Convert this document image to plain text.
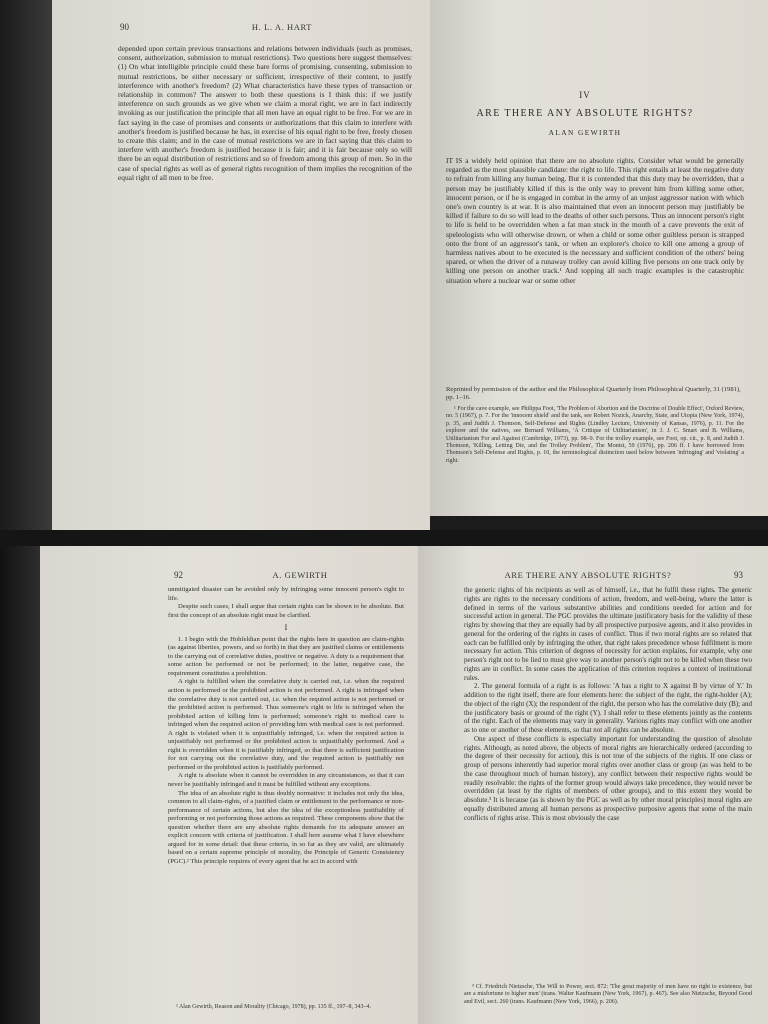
90	H. L. A. HART

depended upon certain previous transactions and relations between individuals (such as promises, consent, authorization, submission to mutual restrictions). Two questions here suggest themselves: (1) On what intelligible principle could these bare forms of promising, consenting, submission to mutual restrictions, be either necessary or sufficient, irrespective of their content, to justify interference with another's freedom? (2) What characteristics have these types of transaction or relationship in common? The answer to both these questions is I think this: if we justify interference on such grounds as we give when we claim a moral right, we are in fact indirectly invoking as our justification the principle that all men have an equal right to be free. For we are in fact saying in the case of promises and consents or authorizations that this claim to interfere with another's freedom is justified because he has, in exercise of his equal right to be free, freely chosen to create this claim; and in the case of mutual restrictions we are in fact saying that this claim to interfere with another's freedom is justified because it is fair; and it is fair because only so will there be an equal distribution of restrictions and so of freedom among this group of men. So in the case of special rights as well as of general rights recognition of them implies the recognition of the equal right of all men to be free.

IV
ARE THERE ANY ABSOLUTE RIGHTS?
ALAN GEWIRTH

IT IS a widely held opinion that there are no absolute rights. Consider what would be generally regarded as the most plausible candidate: the right to life. This right entails at least the negative duty to refrain from killing any human being. But it is contended that this duty may be overridden, that a person may be justifiably killed if this is the only way to prevent him from killing some other, innocent person, or if he is engaged in combat in the army of an unjust aggressor nation with which one's own country is at war. It is also maintained that even an innocent person may justifiably be killed if failure to do so will lead to the deaths of other such persons. Thus an innocent person's right to life is held to be overridden when a fat man stuck in the mouth of a cave prevents the exit of speleologists who will otherwise drown, or when a child or some other guiltless person is strapped onto the front of an aggressor's tank, or when an explorer's choice to kill one among a group of harmless natives about to be executed is the necessary and sufficient condition of the others' being spared, or when the driver of a runaway trolley can avoid killing five persons on one track only by killing one person on another track.¹ And topping all such tragic examples is the catastrophic situation where a nuclear war or some other

Reprinted by permission of the author and the Philosophical Quarterly from Philosophical Quarterly, 31 (1981), pp. 1–16.

¹ For the cave example, see Philippa Foot, 'The Problem of Abortion and the Doctrine of Double Effect', Oxford Review, no. 5 (1967), p. 7. For the 'innocent shield' and the tank, see Robert Nozick, Anarchy, State, and Utopia (New York, 1974), p. 35, and Judith J. Thomson, Self-Defense and Rights (Lindley Lecture, University of Kansas, 1976), p. 11. For the explorer and the natives, see Bernard Williams, 'A Critique of Utilitarianism', in J. J. C. Smart and B. Williams, Utilitarianism For and Against (Cambridge, 1973), pp. 98–9. For the trolley example, see Foot, op. cit., p. 8, and Judith J. Thomson, 'Killing, Letting Die, and the Trolley Problem', The Monist, 59 (1976), pp. 206 ff. I have borrowed from Thomson's Self-Defense and Rights, p. 10, the terminological distinction used below between 'infringing' and 'violating' a right.

92	A. GEWIRTH

unmitigated disaster can be avoided only by infringing some innocent person's right to life.

Despite such cases, I shall argue that certain rights can be shown to be absolute. But first the concept of an absolute right must be clarified.

I

1. I begin with the Hohfeldian point that the rights here in question are claim-rights (as against liberties, powers, and so forth) in that they are justified claims or entitlements to the carrying out of correlative duties, positive or negative. A duty is a requirement that some action be performed or not be performed; in the latter, negative case, the requirement constitutes a prohibition.

A right is fulfilled when the correlative duty is carried out, i.e. when the required action is performed or the prohibited action is not performed. A right is infringed when the correlative duty is not carried out, i.e. when the required action is not performed or the prohibited action is performed. Thus someone's right to life is infringed when the prohibited action of killing him is performed; someone's right to medical care is infringed when the required action of providing him with medical care is not performed. A right is violated when it is unjustifiably infringed, i.e. when the required action is unjustifiably not performed or the prohibited action is unjustifiably performed. And a right is overridden when it is justifiably infringed, so that there is sufficient justification for not carrying out the correlative duty, and the required action is justifiably not performed or the prohibited action is justifiably performed.

A right is absolute when it cannot be overridden in any circumstances, so that it can never be justifiably infringed and it must be fulfilled without any exceptions.

The idea of an absolute right is thus doubly normative: it includes not only the idea, common to all claim-rights, of a justified claim or entitlement to the performance or non-performance of certain actions, but also the idea of the exceptionless justifiability of performing or not performing those actions as required. These components show that the question whether there are any absolute rights demands for its adequate answer an explicit concern with criteria of justification. I shall here assume what I have elsewhere argued for in some detail: that these criteria, in so far as they are valid, are ultimately based on a certain supreme principle of morality, the Principle of Generic Consistency (PGC).² This principle requires of every agent that he act in accord with

² Alan Gewirth, Reason and Morality (Chicago, 1978), pp. 135 ff., 197–8, 343–4.

ARE THERE ANY ABSOLUTE RIGHTS?	93

the generic rights of his recipients as well as of himself, i.e., that he fulfil these rights. The generic rights are rights to the necessary conditions of action, freedom, and well-being, where the latter is defined in terms of the various substantive abilities and conditions needed for action and for successful action in general. The PGC provides the ultimate justificatory basis for the validity of these rights by showing that they are equally had by all prospective purposive agents, and it also provides in general for the ordering of the rights in cases of conflict. Thus if two moral rights are so related that each can be fulfilled only by infringing the other, that right takes precedence whose fulfilment is more necessary for action. This criterion of degrees of necessity for action explains, for example, why one person's right not to be lied to must give way to another person's right not to be killed when these two rights are in conflict. In some cases the application of this criterion requires a context of institutional rules.

2. The general formula of a right is as follows: 'A has a right to X against B by virtue of Y.' In addition to the right itself, there are four elements here: the subject of the right, the right-holder (A); the object of the right (X); the respondent of the right, the person who has the correlative duty (B); and the justificatory basis or ground of the right (Y). I shall refer to these elements jointly as the contents of the right. Each of the elements may vary in generality. Various rights may conflict with one another as to one or another of these elements, so that not all rights can be absolute.

One aspect of these conflicts is especially important for understanding the question of absolute rights. Although, as noted above, the objects of moral rights are hierarchically ordered (according to the degree of their necessity for action), this is not true of the subjects of the rights. If one class or group of persons inherently had superior moral rights over another class or group (as was held to be the case throughout much of human history), any conflict between their respective rights would be readily resolvable: the rights of the former group would always take precedence, they would never be overridden (at least by the rights of members of other groups), and to this extent they would be absolute.³ It is because (as is shown by the PGC as well as by other moral principles) moral rights are equally distributed among all human persons as prospective purposive agents that some of the main conflicts of rights arise. This is most obviously the case

³ Cf. Friedrich Nietzsche, The Will to Power, sect. 872: 'The great majority of men have no right to existence, but are a misfortune to higher men' (trans. Walter Kaufmann (New York, 1967), p. 467). See also Nietzsche, Beyond Good and Evil, sect. 260 (trans. Kaufmann (New York, 1966), p. 206).
